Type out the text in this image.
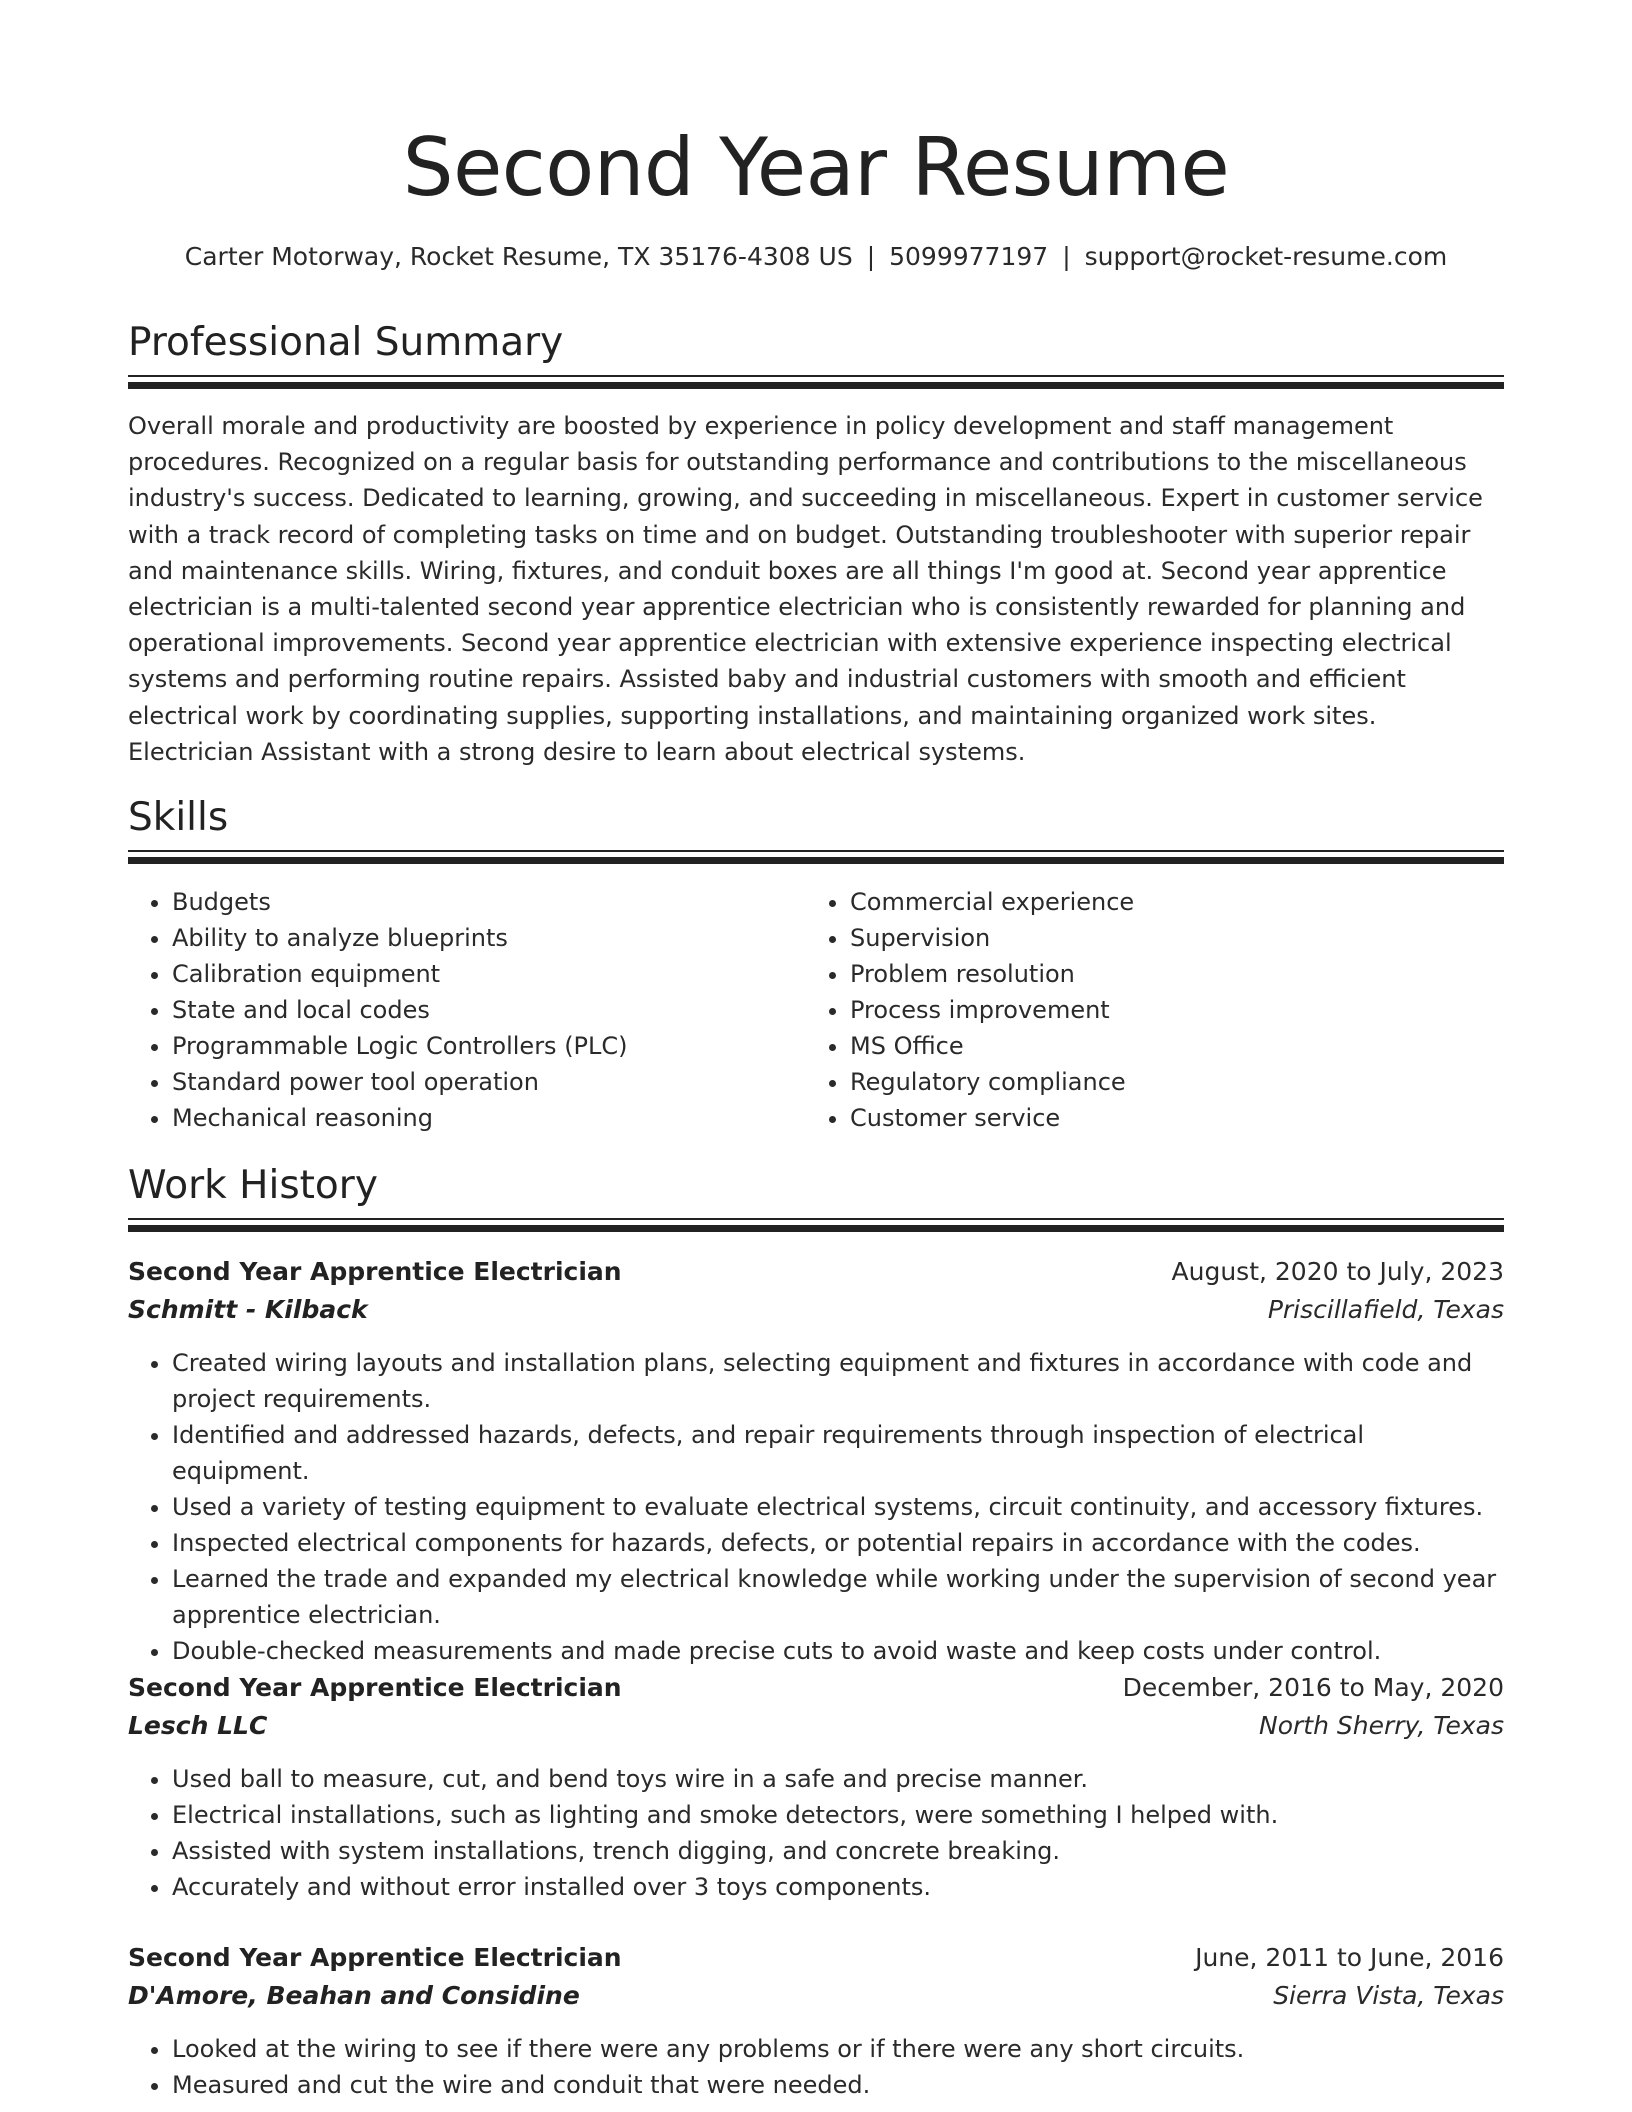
Second Year Resume
Carter Motorway, Rocket Resume, TX 35176-4308 US | 5099977197 | support@rocket-resume.com
Professional Summary
Overall morale and productivity are boosted by experience in policy development and staff management procedures. Recognized on a regular basis for outstanding performance and contributions to the miscellaneous industry's success. Dedicated to learning, growing, and succeeding in miscellaneous. Expert in customer service with a track record of completing tasks on time and on budget. Outstanding troubleshooter with superior repair and maintenance skills. Wiring, fixtures, and conduit boxes are all things I'm good at. Second year apprentice electrician is a multi-talented second year apprentice electrician who is consistently rewarded for planning and operational improvements. Second year apprentice electrician with extensive experience inspecting electrical systems and performing routine repairs. Assisted baby and industrial customers with smooth and efficient electrical work by coordinating supplies, supporting installations, and maintaining organized work sites. Electrician Assistant with a strong desire to learn about electrical systems.
Skills
• Budgets
• Ability to analyze blueprints
• Calibration equipment
• State and local codes
• Programmable Logic Controllers (PLC)
• Standard power tool operation
• Mechanical reasoning
• Commercial experience
• Supervision
• Problem resolution
• Process improvement
• MS Office
• Regulatory compliance
• Customer service
Work History
Second Year Apprentice Electrician	August, 2020 to July, 2023
Schmitt - Kilback	Priscillafield, Texas
• Created wiring layouts and installation plans, selecting equipment and fixtures in accordance with code and project requirements.
• Identified and addressed hazards, defects, and repair requirements through inspection of electrical equipment.
• Used a variety of testing equipment to evaluate electrical systems, circuit continuity, and accessory fixtures.
• Inspected electrical components for hazards, defects, or potential repairs in accordance with the codes.
• Learned the trade and expanded my electrical knowledge while working under the supervision of second year apprentice electrician.
• Double-checked measurements and made precise cuts to avoid waste and keep costs under control.
Second Year Apprentice Electrician	December, 2016 to May, 2020
Lesch LLC	North Sherry, Texas
• Used ball to measure, cut, and bend toys wire in a safe and precise manner.
• Electrical installations, such as lighting and smoke detectors, were something I helped with.
• Assisted with system installations, trench digging, and concrete breaking.
• Accurately and without error installed over 3 toys components.
Second Year Apprentice Electrician	June, 2011 to June, 2016
D'Amore, Beahan and Considine	Sierra Vista, Texas
• Looked at the wiring to see if there were any problems or if there were any short circuits.
• Measured and cut the wire and conduit that were needed.
